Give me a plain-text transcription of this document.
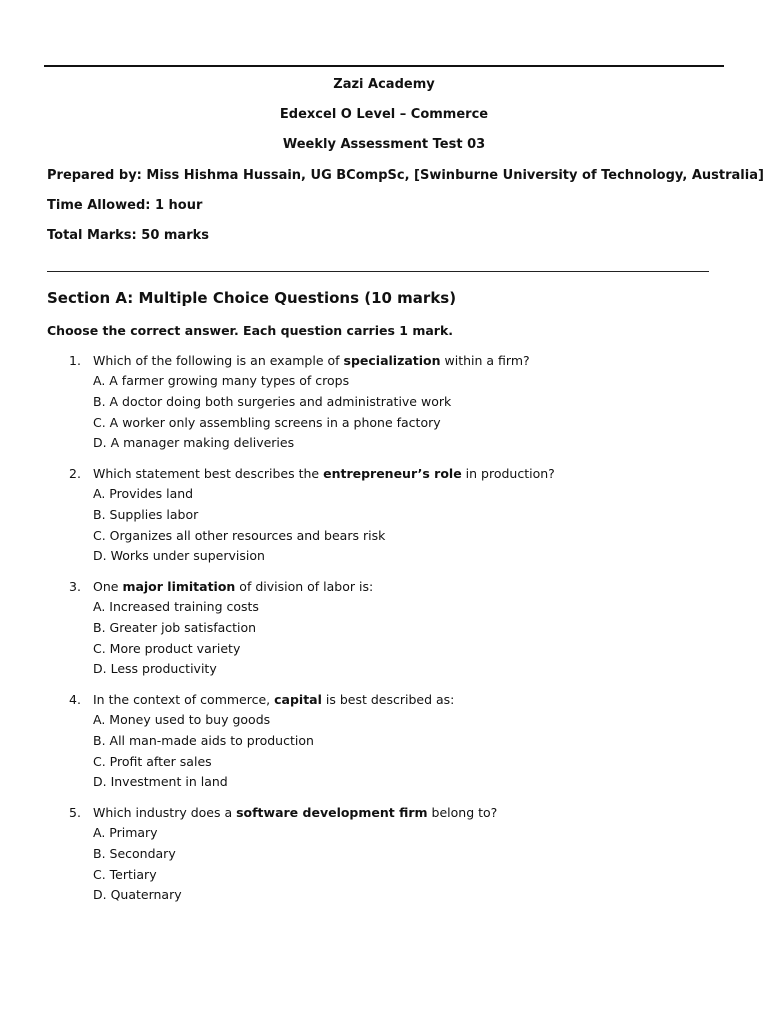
Zazi Academy
Edexcel O Level – Commerce
Weekly Assessment Test 03
Prepared by: Miss Hishma Hussain, UG BCompSc, [Swinburne University of Technology, Australia]
Time Allowed: 1 hour
Total Marks: 50 marks
Section A: Multiple Choice Questions (10 marks)
Choose the correct answer. Each question carries 1 mark.
1. Which of the following is an example of specialization within a firm?
A. A farmer growing many types of crops
B. A doctor doing both surgeries and administrative work
C. A worker only assembling screens in a phone factory
D. A manager making deliveries
2. Which statement best describes the entrepreneur’s role in production?
A. Provides land
B. Supplies labor
C. Organizes all other resources and bears risk
D. Works under supervision
3. One major limitation of division of labor is:
A. Increased training costs
B. Greater job satisfaction
C. More product variety
D. Less productivity
4. In the context of commerce, capital is best described as:
A. Money used to buy goods
B. All man-made aids to production
C. Profit after sales
D. Investment in land
5. Which industry does a software development firm belong to?
A. Primary
B. Secondary
C. Tertiary
D. Quaternary
